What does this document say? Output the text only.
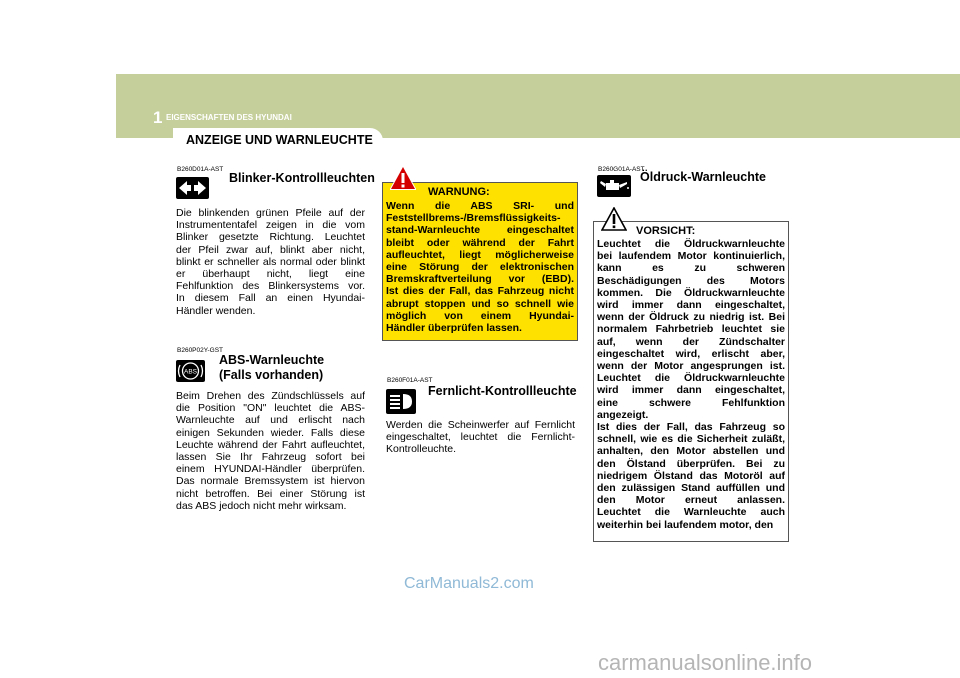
1 EIGENSCHAFTEN DES HYUNDAI
56	ANZEIGE UND WARNLEUCHTE
B260D01A-AST
Blinker-Kontrollleuchten
Die blinkenden grünen Pfeile auf der
Instrumententafel zeigen in die vom
Blinker gesetzte Richtung. Leuchtet
der Pfeil zwar auf, blinkt aber nicht,
blinkt er schneller als normal oder blinkt
er überhaupt nicht, liegt eine
Fehlfunktion des Blinkersystems vor.
In diesem Fall an einen Hyundai-
Händler wenden.
B260P02Y-GST
ABS
ABS-Warnleuchte
(Falls vorhanden)
Beim Drehen des Zündschlüssels auf
die Position "ON" leuchtet die ABS-
Warnleuchte auf und erlischt nach
einigen Sekunden wieder. Falls diese
Leuchte während der Fahrt aufleuchtet,
lassen Sie Ihr Fahrzeug sofort bei
einem HYUNDAI-Händler überprüfen.
Das normale Bremssystem ist hiervon
nicht betroffen. Bei einer Störung ist
das ABS jedoch nicht mehr wirksam.
WARNUNG:
Wenn die ABS SRI- und
Feststellbrems-/Bremsflüssigkeits-
stand-Warnleuchte eingeschaltet
bleibt oder während der Fahrt
aufleuchtet, liegt möglicherweise
eine Störung der elektronischen
Bremskraftverteilung vor (EBD).
Ist dies der Fall, das Fahrzeug nicht
abrupt stoppen und so schnell wie
möglich von einem Hyundai-
Händler überprüfen lassen.
B260F01A-AST
Fernlicht-Kontrollleuchte
Werden die Scheinwerfer auf Fernlicht
eingeschaltet, leuchtet die Fernlicht-
Kontrolleuchte.
B260G01A-AST
Öldruck-Warnleuchte
VORSICHT:
Leuchtet die Öldruckwarnleuchte
bei laufendem Motor kontinuierlich,
kann es zu schweren
Beschädigungen des Motors
kommen. Die Öldruckwarnleuchte
wird immer dann eingeschaltet,
wenn der Öldruck zu niedrig ist. Bei
normalem Fahrbetrieb leuchtet sie
auf, wenn der Zündschalter
eingeschaltet wird, erlischt aber,
wenn der Motor angesprungen ist.
Leuchtet die Öldruckwarnleuchte
wird immer dann eingeschaltet,
eine schwere Fehlfunktion
angezeigt.
Ist dies der Fall, das Fahrzeug so
schnell, wie es die Sicherheit zuläßt,
anhalten, den Motor abstellen und
den Ölstand überprüfen. Bei zu
niedrigem Ölstand das Motoröl auf
den zulässigen Stand auffüllen und
den Motor erneut anlassen.
Leuchtet die Warnleuchte auch
weiterhin bei laufendem motor, den
CarManuals2.com
carmanualsonline.info
